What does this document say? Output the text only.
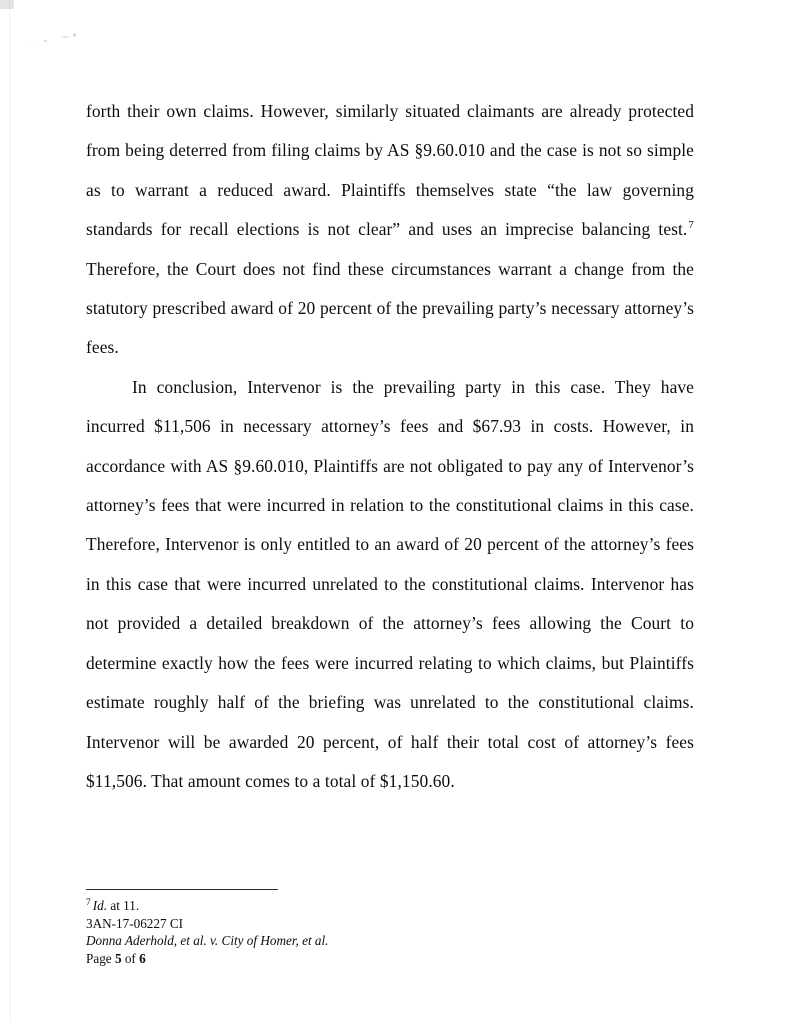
forth their own claims. However, similarly situated claimants are already protected from being deterred from filing claims by AS §9.60.010 and the case is not so simple as to warrant a reduced award. Plaintiffs themselves state “the law governing standards for recall elections is not clear” and uses an imprecise balancing test.$^7$ Therefore, the Court does not find these circumstances warrant a change from the statutory prescribed award of 20 percent of the prevailing party’s necessary attorney’s fees.

In conclusion, Intervenor is the prevailing party in this case. They have incurred $11,506 in necessary attorney’s fees and $67.93 in costs. However, in accordance with AS §9.60.010, Plaintiffs are not obligated to pay any of Intervenor’s attorney’s fees that were incurred in relation to the constitutional claims in this case. Therefore, Intervenor is only entitled to an award of 20 percent of the attorney’s fees in this case that were incurred unrelated to the constitutional claims. Intervenor has not provided a detailed breakdown of the attorney’s fees allowing the Court to determine exactly how the fees were incurred relating to which claims, but Plaintiffs estimate roughly half of the briefing was unrelated to the constitutional claims. Intervenor will be awarded 20 percent, of half their total cost of attorney’s fees $11,506. That amount comes to a total of $1,150.60.

$^7$ Id. at 11.

3AN-17-06227 CI

Donna Aderhold, et al. v. City of Homer, et al.

Page 5 of 6
